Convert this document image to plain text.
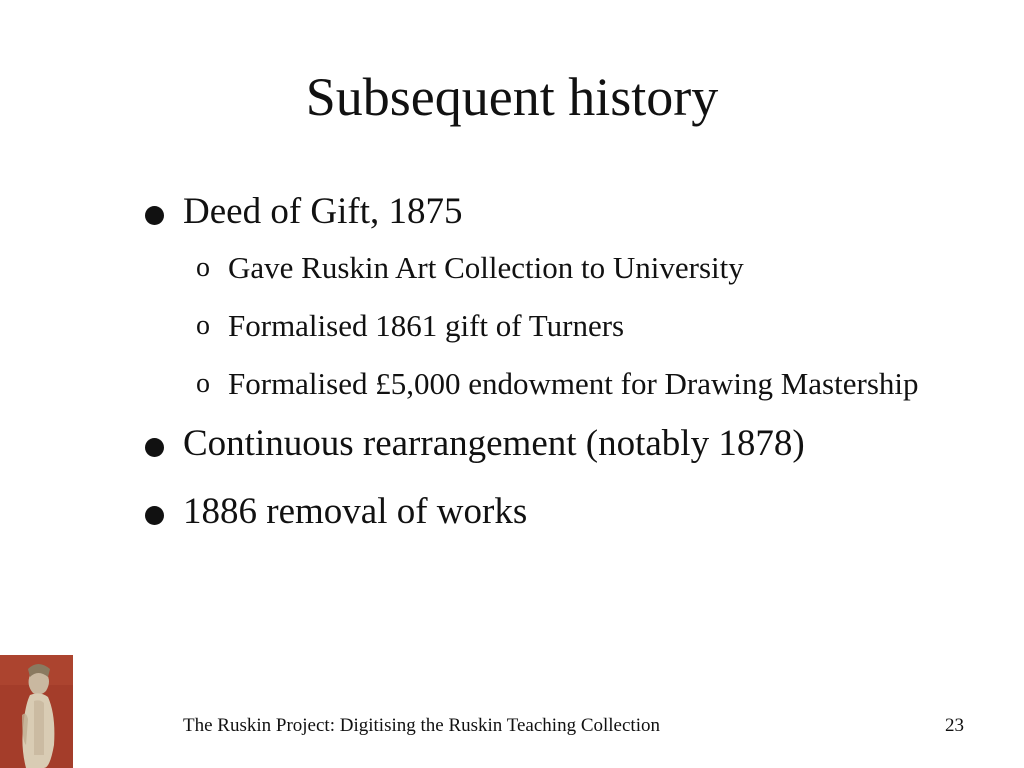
Subsequent history
Deed of Gift, 1875
o Gave Ruskin Art Collection to University
o Formalised 1861 gift of Turners
o Formalised £5,000 endowment for Drawing Mastership
Continuous rearrangement (notably 1878)
1886 removal of works
The Ruskin Project: Digitising the Ruskin Teaching Collection	23
